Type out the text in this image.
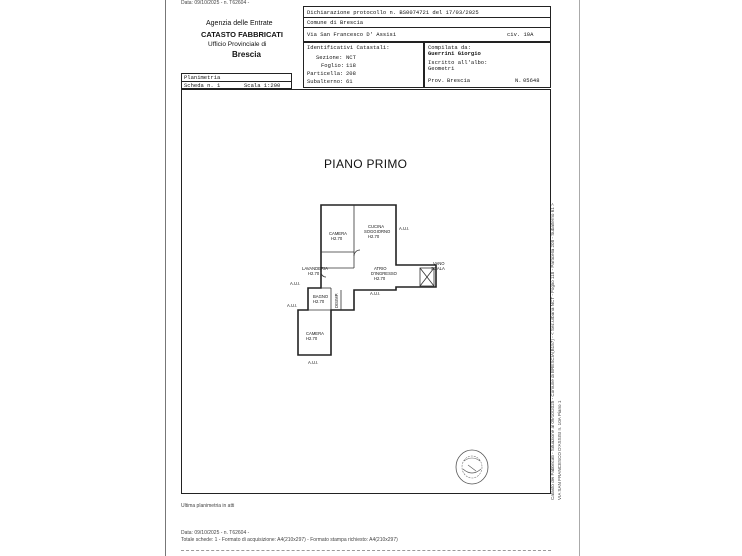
Data: 09/10/2025 - n. T62604 -
Agenzia delle Entrate
CATASTO FABBRICATI
Ufficio Provinciale di
Brescia
Dichiarazione protocollo n. BS0074721 del 17/03/2025
Comune di Brescia
Via San Francesco D' Assisi	civ. 10A
Identificativi Catastali:
Sezione: NCT
Foglio: 118
Particella: 208
Subalterno: 61
Compilata da:
Guerrini Giorgio
Iscritto all'albo:
Geometri
Prov. Brescia	N. 05648
Planimetria
Scheda n. 1	Scala 1:200
PIANO PRIMO
CAMERA
H2.70
CUCINA
SOGGIORNO
H2.70
LAVANDERIA
H2.70
ATRIO
D'INGRESSO
H2.70
BAGNO
H2.70 DISIMP.
CAMERA
H2.70
VANO
SCALA
A.U.I.
A.U.I.
A.U.I.
A.U.I.
A.U.I.	Catasto dei Fabbricati - Situazione al 09/10/2025 - Comune di BRESCIA(B157) - < Sez.urbana NCT - Foglio 118 - Particella 208 - Subalterno 61 > VIA SAN FRANCESCO D'ASSISI n. 10A Piano 1
Ultima planimetria in atti
Data: 09/10/2025 - n. T62604 -
Totale schede: 1 - Formato di acquisizione: A4(210x297) - Formato stampa richiesto: A4(210x297)
